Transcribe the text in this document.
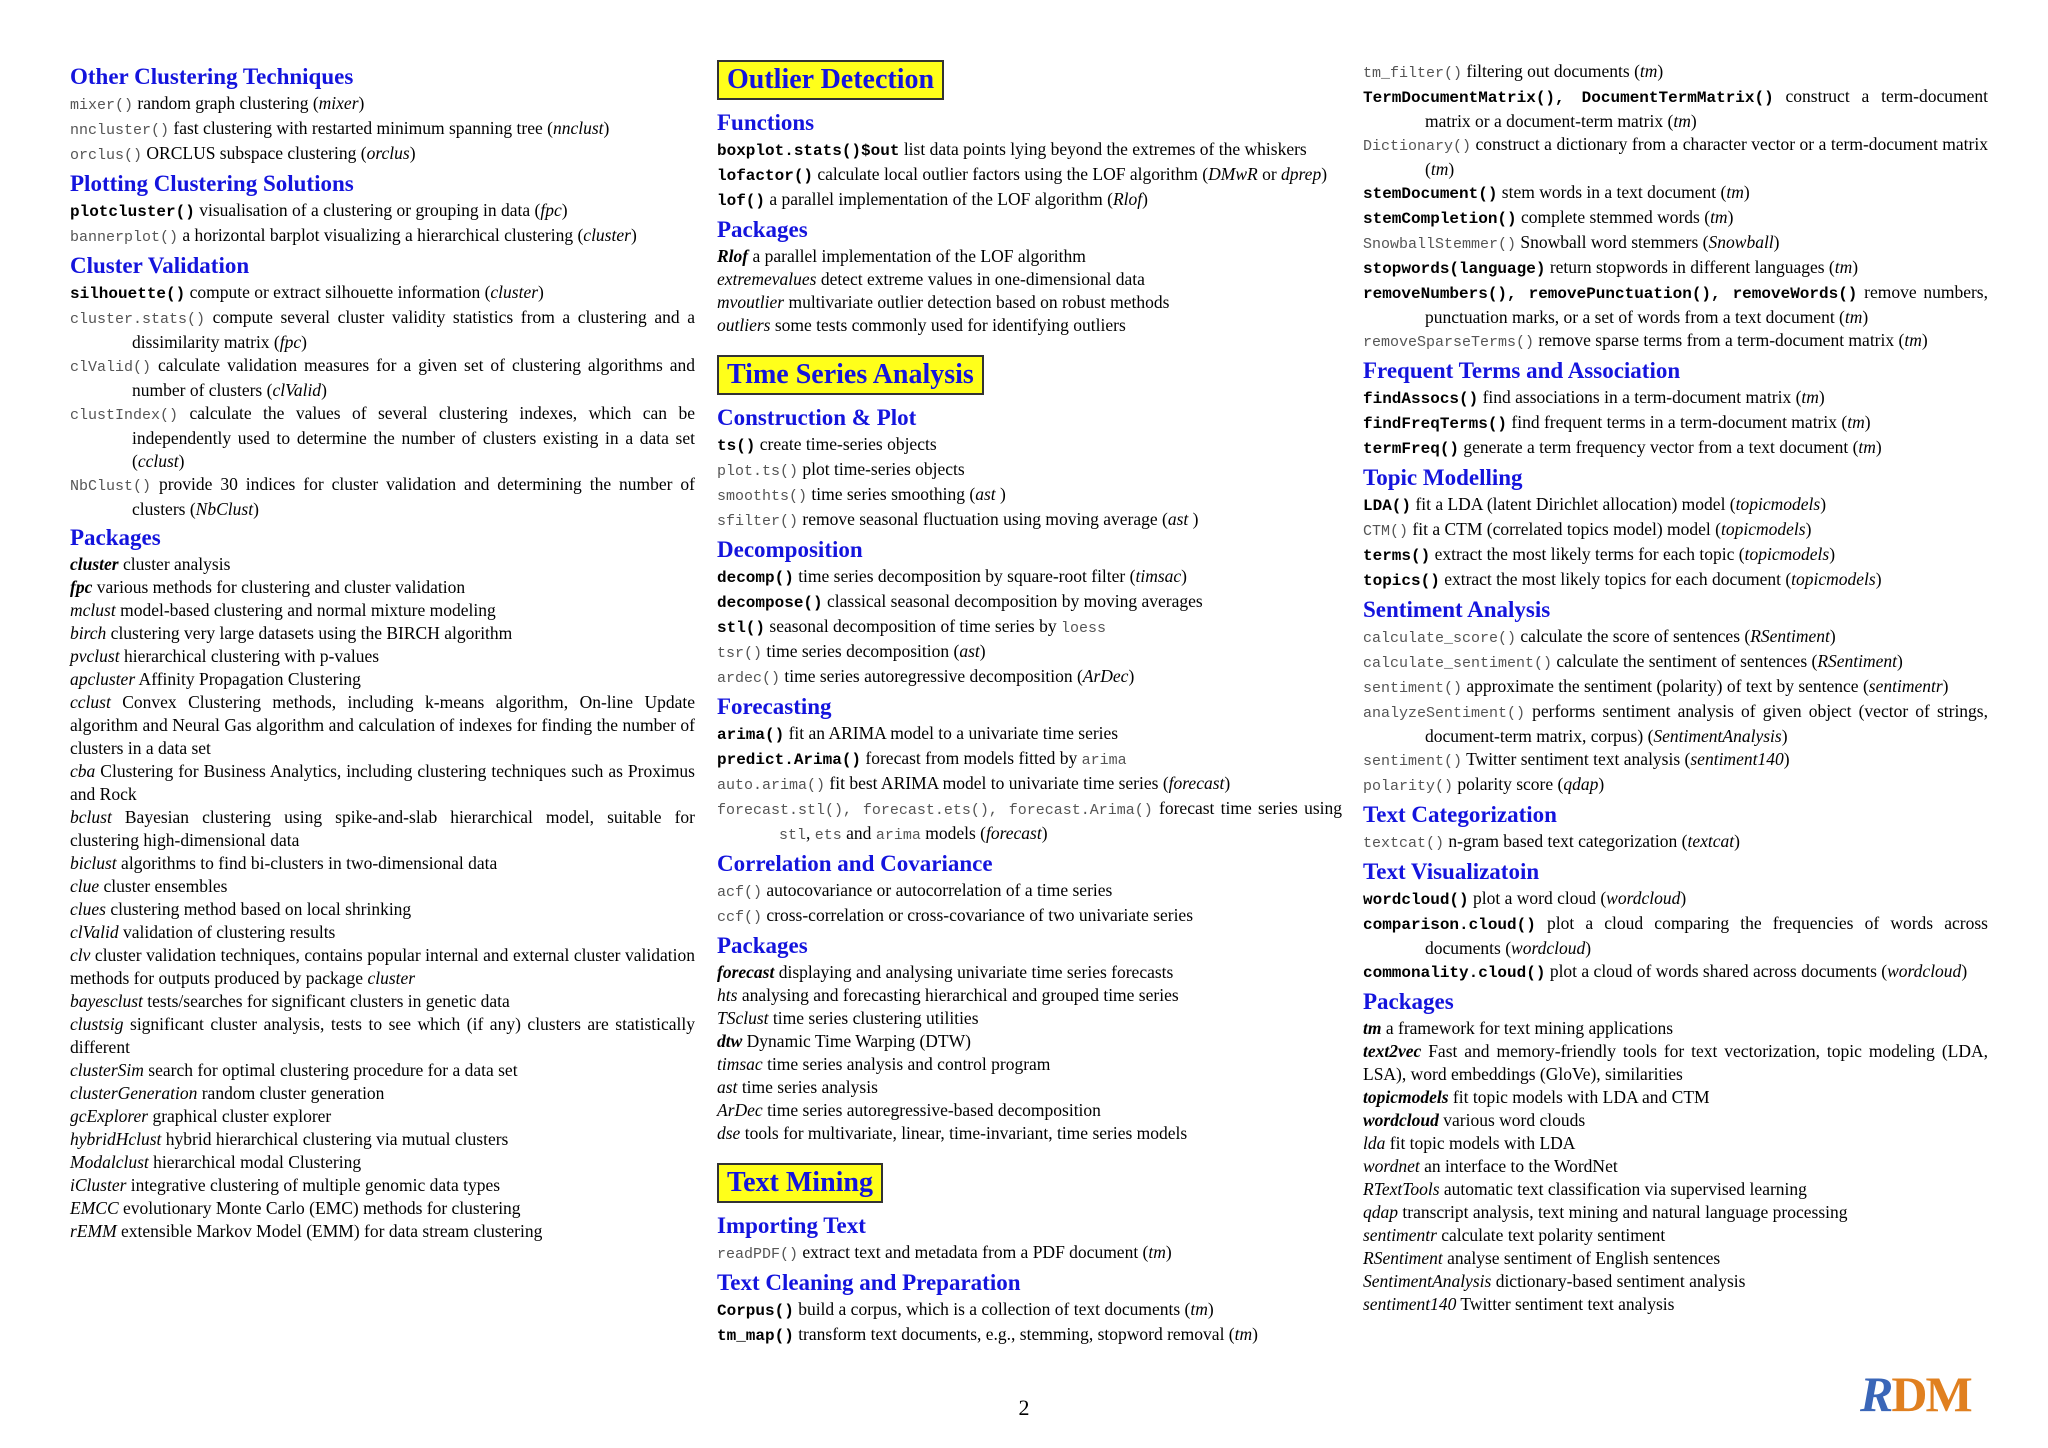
Other Clustering Techniques
mixer() random graph clustering (mixer)
nncluster() fast clustering with restarted minimum spanning tree (nnclust)
orclus() ORCLUS subspace clustering (orclus)
Plotting Clustering Solutions
plotcluster() visualisation of a clustering or grouping in data (fpc)
bannerplot() a horizontal barplot visualizing a hierarchical clustering (cluster)
Cluster Validation
silhouette() compute or extract silhouette information (cluster)
cluster.stats() compute several cluster validity statistics from a clustering and a dissimilarity matrix (fpc)
clValid() calculate validation measures for a given set of clustering algorithms and number of clusters (clValid)
clustIndex() calculate the values of several clustering indexes, which can be independently used to determine the number of clusters existing in a data set (cclust)
NbClust() provide 30 indices for cluster validation and determining the number of clusters (NbClust)
Packages
cluster cluster analysis
fpc various methods for clustering and cluster validation
mclust model-based clustering and normal mixture modeling
birch clustering very large datasets using the BIRCH algorithm
pvclust hierarchical clustering with p-values
apcluster Affinity Propagation Clustering
cclust Convex Clustering methods, including k-means algorithm, On-line Update algorithm and Neural Gas algorithm and calculation of indexes for finding the number of clusters in a data set
cba Clustering for Business Analytics, including clustering techniques such as Proximus and Rock
bclust Bayesian clustering using spike-and-slab hierarchical model, suitable for clustering high-dimensional data
biclust algorithms to find bi-clusters in two-dimensional data
clue cluster ensembles
clues clustering method based on local shrinking
clValid validation of clustering results
clv cluster validation techniques, contains popular internal and external cluster validation methods for outputs produced by package cluster
bayesclust tests/searches for significant clusters in genetic data
clustsig significant cluster analysis, tests to see which (if any) clusters are statistically different
clusterSim search for optimal clustering procedure for a data set
clusterGeneration random cluster generation
gcExplorer graphical cluster explorer
hybridHclust hybrid hierarchical clustering via mutual clusters
Modalclust hierarchical modal Clustering
iCluster integrative clustering of multiple genomic data types
EMCC evolutionary Monte Carlo (EMC) methods for clustering
rEMM extensible Markov Model (EMM) for data stream clustering
Outlier Detection
Functions
boxplot.stats()$out list data points lying beyond the extremes of the whiskers
lofactor() calculate local outlier factors using the LOF algorithm (DMwR or dprep)
lof() a parallel implementation of the LOF algorithm (Rlof)
Packages
Rlof a parallel implementation of the LOF algorithm
extremevalues detect extreme values in one-dimensional data
mvoutlier multivariate outlier detection based on robust methods
outliers some tests commonly used for identifying outliers
Time Series Analysis
Construction & Plot
ts() create time-series objects
plot.ts() plot time-series objects
smoothts() time series smoothing (ast )
sfilter() remove seasonal fluctuation using moving average (ast )
Decomposition
decomp() time series decomposition by square-root filter (timsac)
decompose() classical seasonal decomposition by moving averages
stl() seasonal decomposition of time series by loess
tsr() time series decomposition (ast)
ardec() time series autoregressive decomposition (ArDec)
Forecasting
arima() fit an ARIMA model to a univariate time series
predict.Arima() forecast from models fitted by arima
auto.arima() fit best ARIMA model to univariate time series (forecast)
forecast.stl(), forecast.ets(), forecast.Arima() forecast time series using stl, ets and arima models (forecast)
Correlation and Covariance
acf() autocovariance or autocorrelation of a time series
ccf() cross-correlation or cross-covariance of two univariate series
Packages
forecast displaying and analysing univariate time series forecasts
hts analysing and forecasting hierarchical and grouped time series
TSclust time series clustering utilities
dtw Dynamic Time Warping (DTW)
timsac time series analysis and control program
ast time series analysis
ArDec time series autoregressive-based decomposition
dse tools for multivariate, linear, time-invariant, time series models
Text Mining
Importing Text
readPDF() extract text and metadata from a PDF document (tm)
Text Cleaning and Preparation
Corpus() build a corpus, which is a collection of text documents (tm)
tm_map() transform text documents, e.g., stemming, stopword removal (tm)
tm_filter() filtering out documents (tm)
TermDocumentMatrix(), DocumentTermMatrix() construct a term-document matrix or a document-term matrix (tm)
Dictionary() construct a dictionary from a character vector or a term-document matrix (tm)
stemDocument() stem words in a text document (tm)
stemCompletion() complete stemmed words (tm)
SnowballStemmer() Snowball word stemmers (Snowball)
stopwords(language) return stopwords in different languages (tm)
removeNumbers(), removePunctuation(), removeWords() remove numbers, punctuation marks, or a set of words from a text document (tm)
removeSparseTerms() remove sparse terms from a term-document matrix (tm)
Frequent Terms and Association
findAssocs() find associations in a term-document matrix (tm)
findFreqTerms() find frequent terms in a term-document matrix (tm)
termFreq() generate a term frequency vector from a text document (tm)
Topic Modelling
LDA() fit a LDA (latent Dirichlet allocation) model (topicmodels)
CTM() fit a CTM (correlated topics model) model (topicmodels)
terms() extract the most likely terms for each topic (topicmodels)
topics() extract the most likely topics for each document (topicmodels)
Sentiment Analysis
calculate_score() calculate the score of sentences (RSentiment)
calculate_sentiment() calculate the sentiment of sentences (RSentiment)
sentiment() approximate the sentiment (polarity) of text by sentence (sentimentr)
analyzeSentiment() performs sentiment analysis of given object (vector of strings, document-term matrix, corpus) (SentimentAnalysis)
sentiment() Twitter sentiment text analysis (sentiment140)
polarity() polarity score (qdap)
Text Categorization
textcat() n-gram based text categorization (textcat)
Text Visualizatoin
wordcloud() plot a word cloud (wordcloud)
comparison.cloud() plot a cloud comparing the frequencies of words across documents (wordcloud)
commonality.cloud() plot a cloud of words shared across documents (wordcloud)
Packages
tm a framework for text mining applications
text2vec Fast and memory-friendly tools for text vectorization, topic modeling (LDA, LSA), word embeddings (GloVe), similarities
topicmodels fit topic models with LDA and CTM
wordcloud various word clouds
lda fit topic models with LDA
wordnet an interface to the WordNet
RTextTools automatic text classification via supervised learning
qdap transcript analysis, text mining and natural language processing
sentimentr calculate text polarity sentiment
RSentiment analyse sentiment of English sentences
SentimentAnalysis dictionary-based sentiment analysis
sentiment140 Twitter sentiment text analysis
2	RDM
